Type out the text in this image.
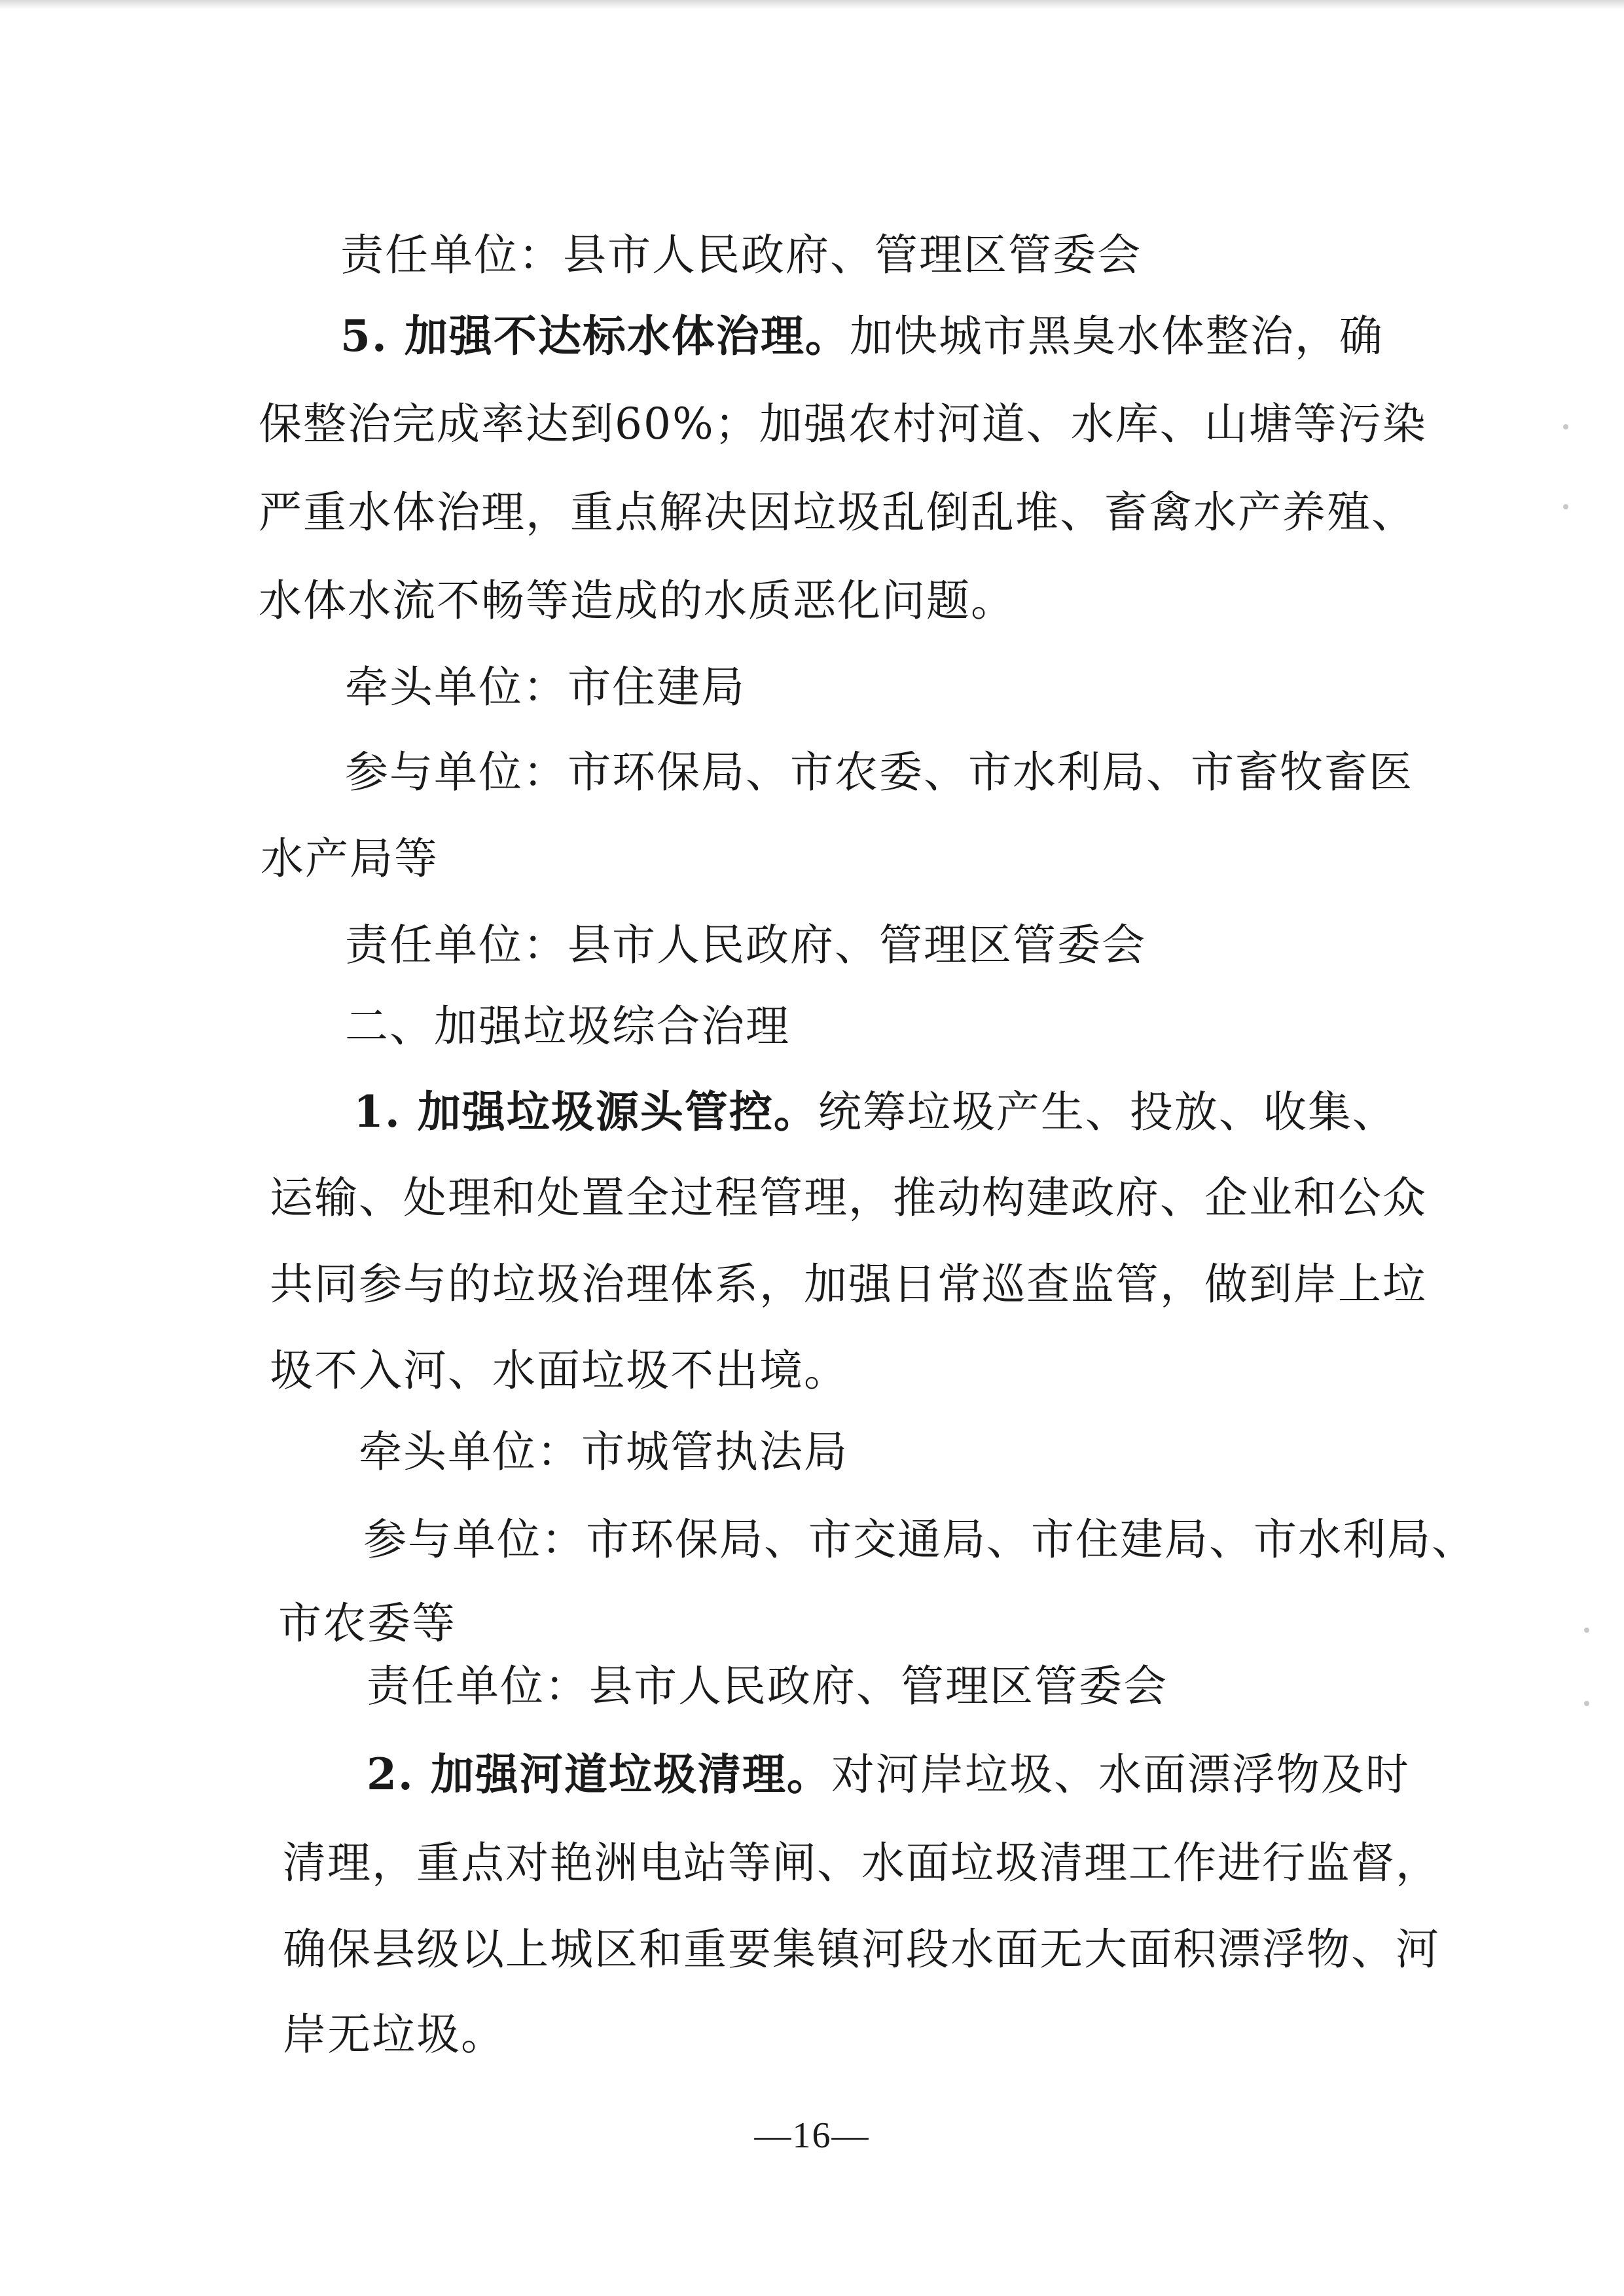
责任单位：县市人民政府、管理区管委会
5. 加强不达标水体治理。加快城市黑臭水体整治，确
保整治完成率达到60%；加强农村河道、水库、山塘等污染
严重水体治理，重点解决因垃圾乱倒乱堆、畜禽水产养殖、
水体水流不畅等造成的水质恶化问题。
牵头单位：市住建局
参与单位：市环保局、市农委、市水利局、市畜牧畜医
水产局等
责任单位：县市人民政府、管理区管委会
二、加强垃圾综合治理
1. 加强垃圾源头管控。统筹垃圾产生、投放、收集、
运输、处理和处置全过程管理，推动构建政府、企业和公众
共同参与的垃圾治理体系，加强日常巡查监管，做到岸上垃
圾不入河、水面垃圾不出境。
牵头单位：市城管执法局
参与单位：市环保局、市交通局、市住建局、市水利局、
市农委等
责任单位：县市人民政府、管理区管委会
2. 加强河道垃圾清理。对河岸垃圾、水面漂浮物及时
清理，重点对艳洲电站等闸、水面垃圾清理工作进行监督，
确保县级以上城区和重要集镇河段水面无大面积漂浮物、河
岸无垃圾。
—16—
